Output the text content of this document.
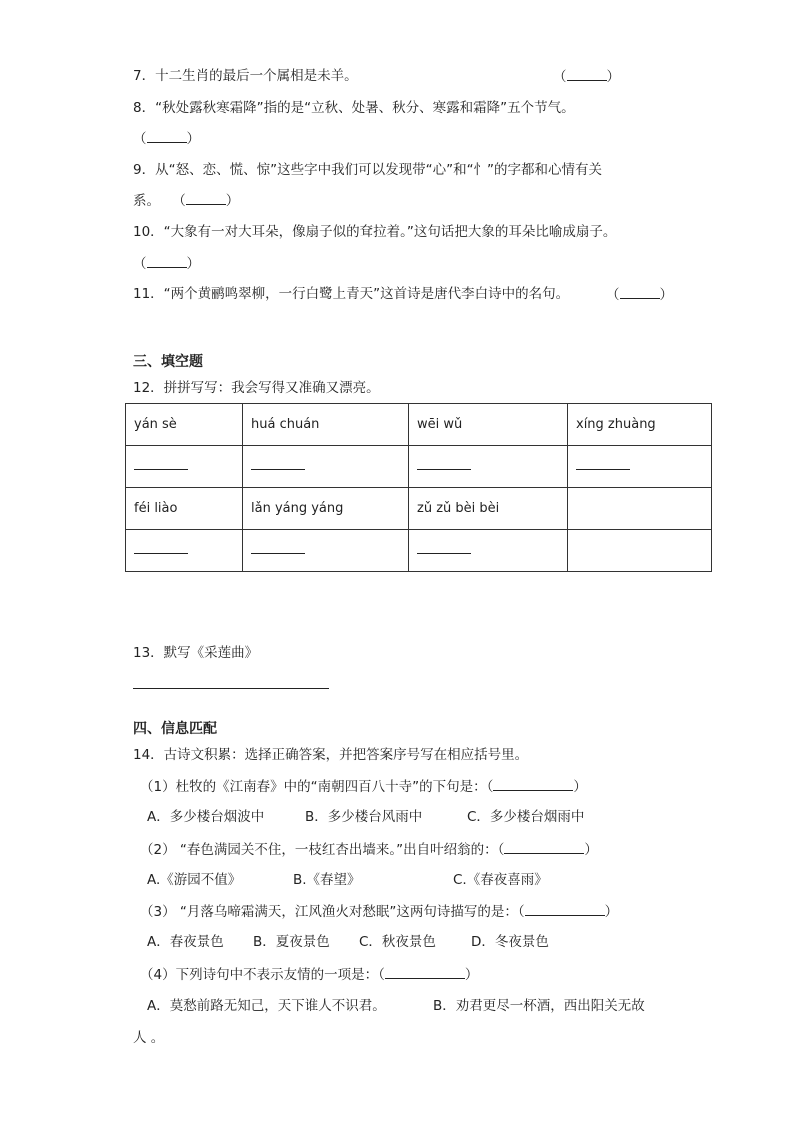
7．十二生肖的最后一个属相是未羊。	（	）
8．“秋处露秋寒霜降”指的是“立秋、处暑、秋分、寒露和霜降”五个节气。
（	）
9．从“怒、恋、慌、惊”这些字中我们可以发现带“心”和“忄”的字都和心情有关
系。 （	）
10．“大象有一对大耳朵，像扇子似的耷拉着。”这句话把大象的耳朵比喻成扇子。
（	）
11．“两个黄鹂鸣翠柳，一行白鹭上青天”这首诗是唐代李白诗中的名句。	（	）
三、填空题
12．拼拼写写：我会写得又准确又漂亮。
yán sè	huá chuán	wēi wǔ	xíng zhuàng

féi liào	lǎn yáng yáng	zǔ zǔ bèi bèi	

13．默写《采莲曲》
四、信息匹配
14．古诗文积累：选择正确答案，并把答案序号写在相应括号里。
（1）杜牧的《江南春》中的“南朝四百八十寺”的下句是：（	）
A．多少楼台烟波中	B．多少楼台风雨中	C．多少楼台烟雨中
（2） “春色满园关不住，一枝红杏出墙来。”出自叶绍翁的：（	）
A.《游园不值》	B.《春望》	C.《春夜喜雨》
（3） “月落乌啼霜满天，江风渔火对愁眠”这两句诗描写的是：（	）
A．春夜景色 B．夏夜景色 C．秋夜景色	D．冬夜景色
（4）下列诗句中不表示友情的一项是：（	）
A．莫愁前路无知己，天下谁人不识君。	B．劝君更尽一杯酒，西出阳关无故
人 。
